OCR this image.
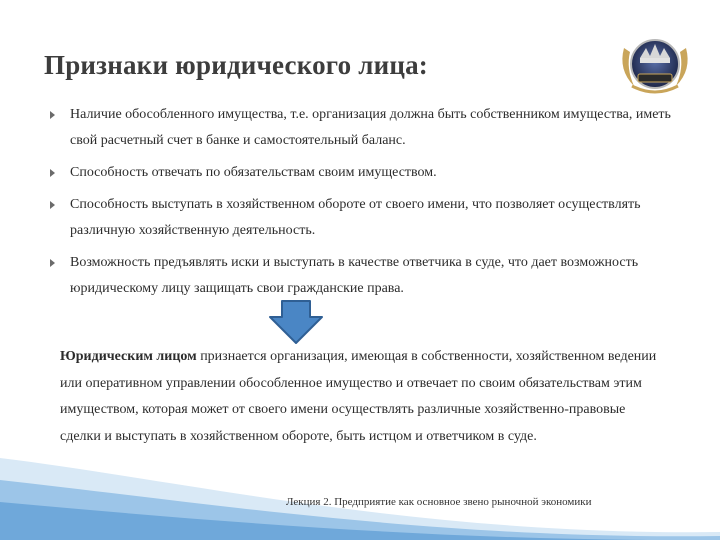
Признаки юридического лица:
Наличие обособленного имущества, т.е. организация должна быть собственником имущества, иметь свой расчетный счет в банке и самостоятельный баланс.
Способность отвечать по обязательствам своим имуществом.
Способность выступать в хозяйственном обороте от своего имени, что позволяет осуществлять различную хозяйственную деятельность.
Возможность предъявлять иски и выступать в качестве ответчика в суде, что дает возможность юридическому лицу защищать свои гражданские права.
Юридическим лицом признается организация, имеющая в собственности, хозяйственном ведении или оперативном управлении обособленное имущество и отвечает по своим обязательствам этим имуществом, которая может от своего имени осуществлять различные хозяйственно-правовые сделки и выступать в хозяйственном обороте, быть истцом и ответчиком в суде.
Лекция 2. Предприятие как основное звено рыночной экономики
